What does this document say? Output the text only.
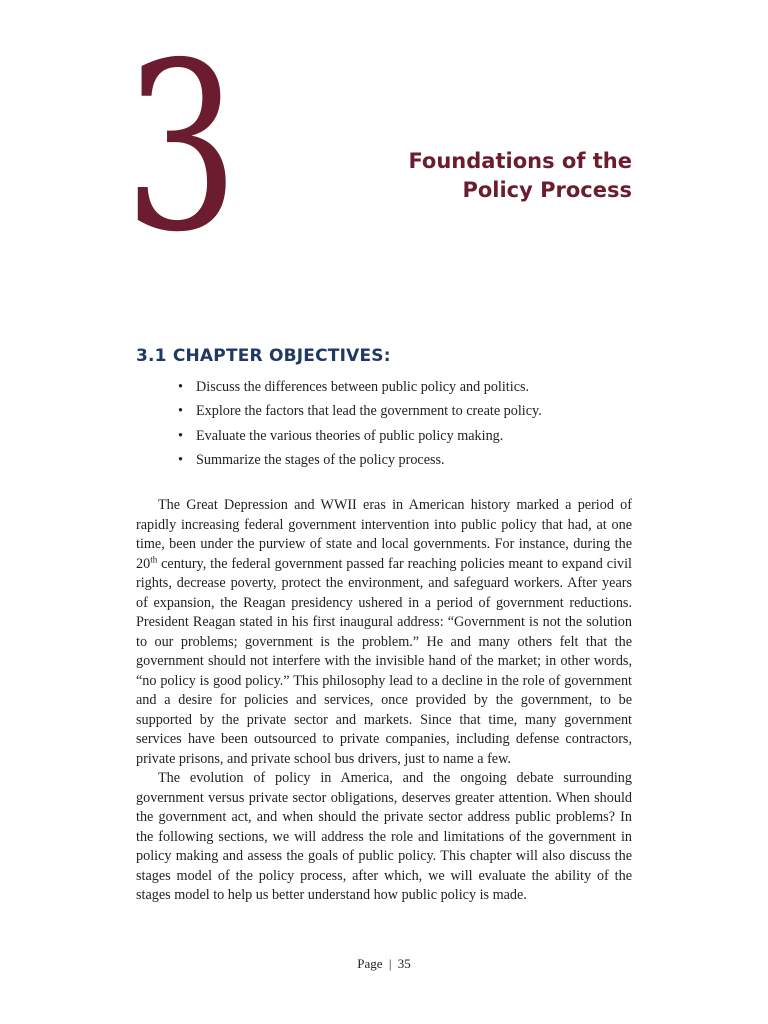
3	Foundations of the
Policy Process
3.1 CHAPTER OBJECTIVES:
• Discuss the differences between public policy and politics.
• Explore the factors that lead the government to create policy.
• Evaluate the various theories of public policy making.
• Summarize the stages of the policy process.

The Great Depression and WWII eras in American history marked a period of rapidly increasing federal government intervention into public policy that had, at one time, been under the purview of state and local governments. For instance, during the 20th century, the federal government passed far reaching policies meant to expand civil rights, decrease poverty, protect the environment, and safeguard workers. After years of expansion, the Reagan presidency ushered in a period of government reductions. President Reagan stated in his first inaugural address: “Government is not the solution to our problems; government is the problem.” He and many others felt that the government should not interfere with the invisible hand of the market; in other words, “no policy is good policy.” This philosophy lead to a decline in the role of government and a desire for policies and services, once provided by the government, to be supported by the private sector and markets. Since that time, many government services have been outsourced to private companies, including defense contractors, private prisons, and private school bus drivers, just to name a few.

The evolution of policy in America, and the ongoing debate surrounding government versus private sector obligations, deserves greater attention. When should the government act, and when should the private sector address public problems? In the following sections, we will address the role and limitations of the government in policy making and assess the goals of public policy. This chapter will also discuss the stages model of the policy process, after which, we will evaluate the ability of the stages model to help us better understand how public policy is made.

Page | 35
